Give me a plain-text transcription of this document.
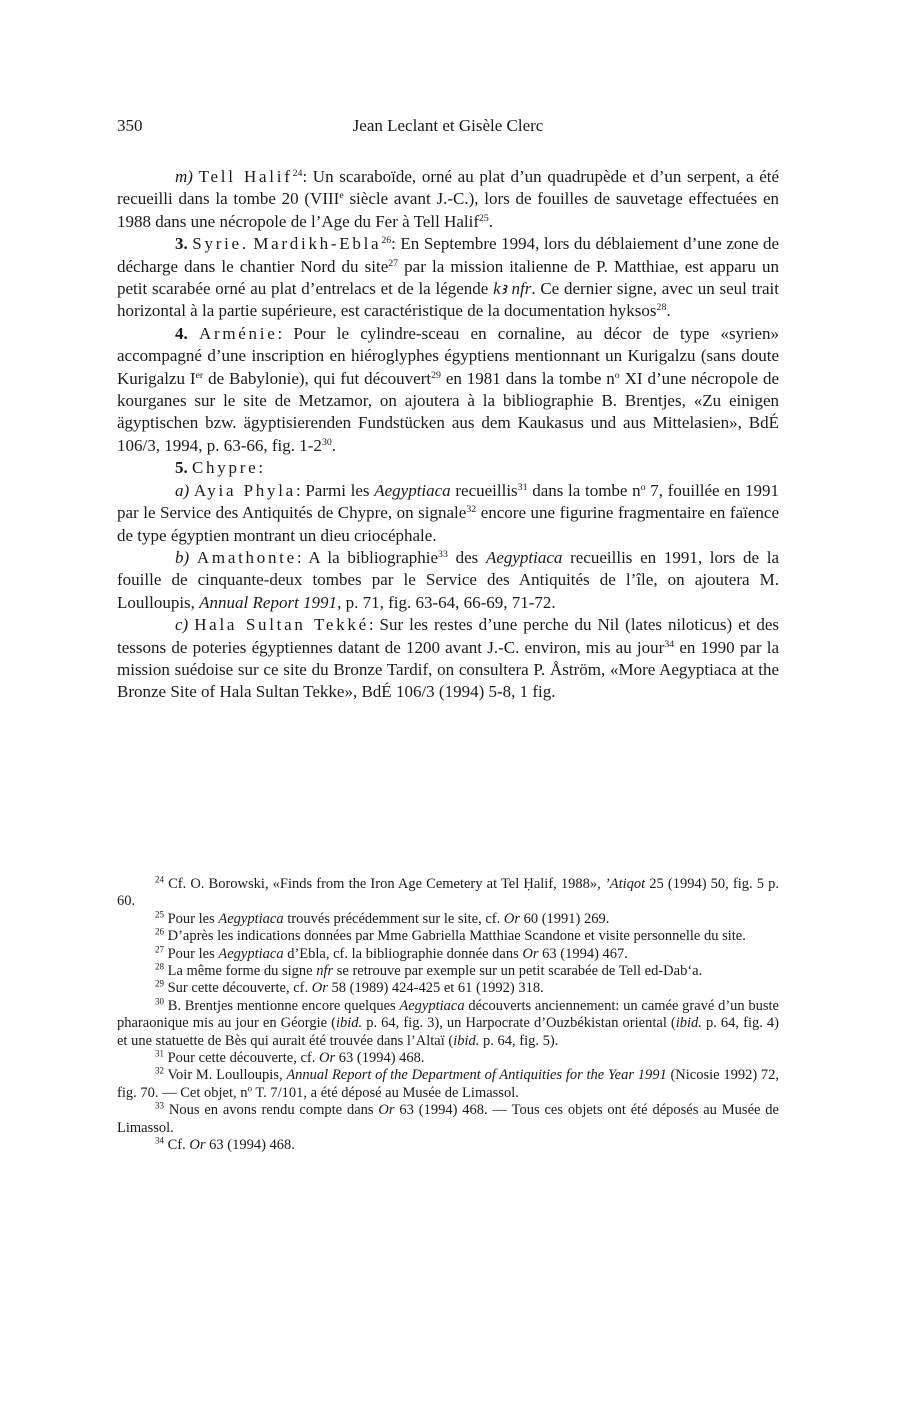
350	Jean Leclant et Gisèle Clerc

m) Tell Halif$^{24}$: Un scaraboïde, orné au plat d’un quadrupède et d’un serpent, a été recueilli dans la tombe 20 (VIIIe siècle avant J.-C.), lors de fouilles de sauvetage effectuées en 1988 dans une nécropole de l’Age du Fer à Tell Halif$^{25}$.

3. Syrie. Mardikh-Ebla$^{26}$: En Septembre 1994, lors du déblaiement d’une zone de décharge dans le chantier Nord du site$^{27}$ par la mission italienne de P. Matthiae, est apparu un petit scarabée orné au plat d’entrelacs et de la légende kꜣ nfr. Ce dernier signe, avec un seul trait horizontal à la partie supérieure, est caractéristique de la documentation hyksos$^{28}$.

4. Arménie: Pour le cylindre-sceau en cornaline, au décor de type «syrien» accompagné d’une inscription en hiéroglyphes égyptiens mentionnant un Kurigalzu (sans doute Kurigalzu Ier de Babylonie), qui fut découvert$^{29}$ en 1981 dans la tombe $n^o$ XI d’une nécropole de kourganes sur le site de Metzamor, on ajoutera à la bibliographie B. Brentjes, «Zu einigen ägyptischen bzw. ägyptisierenden Fundstücken aus dem Kaukasus und aus Mittelasien», BdÉ 106/3, 1994, p. 63-66, fig. $1-2^{30}$.

5. Chypre:

a) Ayia Phyla: Parmi les Aegyptiaca recueillis$^{31}$ dans la tombe $n^o$ 7, fouillée en 1991 par le Service des Antiquités de Chypre, on signale$^{32}$ encore une figurine fragmentaire en faïence de type égyptien montrant un dieu criocéphale.

b) Amathonte: A la bibliographie$^{33}$ des Aegyptiaca recueillis en 1991, lors de la fouille de cinquante-deux tombes par le Service des Antiquités de l’île, on ajoutera M. Loulloupis, Annual Report 1991, p. 71, fig. 63-64, 66-69, 71-72.

c) Hala Sultan Tekké: Sur les restes d’une perche du Nil (lates niloticus) et des tessons de poteries égyptiennes datant de 1200 avant J.-C. environ, mis au jour$^{34}$ en 1990 par la mission suédoise sur ce site du Bronze Tardif, on consultera P. Åström, «More Aegyptiaca at the Bronze Site of Hala Sultan Tekke», BdÉ 106/3 (1994) 5-8, 1 fig.

$^{24}$ Cf. O. Borowski, «Finds from the Iron Age Cemetery at Tel Ḥalif, 1988», ’Atiqot 25 (1994) 50, fig. 5 p. 60.

$^{25}$ Pour les Aegyptiaca trouvés précédemment sur le site, cf. Or 60 (1991) 269.

$^{26}$ D’après les indications données par Mme Gabriella Matthiae Scandone et visite personnelle du site.

$^{27}$ Pour les Aegyptiaca d’Ebla, cf. la bibliographie donnée dans Or 63 (1994) 467.

$^{28}$ La même forme du signe nfr se retrouve par exemple sur un petit scarabée de Tell ed-Dab‘a.

$^{29}$ Sur cette découverte, cf. Or 58 (1989) 424-425 et 61 (1992) 318.

$^{30}$ B. Brentjes mentionne encore quelques Aegyptiaca découverts anciennement: un camée gravé d’un buste pharaonique mis au jour en Géorgie (ibid. p. 64, fig. 3), un Harpocrate d’Ouzbékistan oriental (ibid. p. 64, fig. 4) et une statuette de Bès qui aurait été trouvée dans l’Altaï (ibid. p. 64, fig. 5).

$^{31}$ Pour cette découverte, cf. Or 63 (1994) 468.

$^{32}$ Voir M. Loulloupis, Annual Report of the Department of Antiquities for the Year 1991 (Nicosie 1992) 72, fig. 70. — Cet objet, $n^o$ T. 7/101, a été déposé au Musée de Limassol.

$^{33}$ Nous en avons rendu compte dans Or 63 (1994) 468. — Tous ces objets ont été déposés au Musée de Limassol.

$^{34}$ Cf. Or 63 (1994) 468.
